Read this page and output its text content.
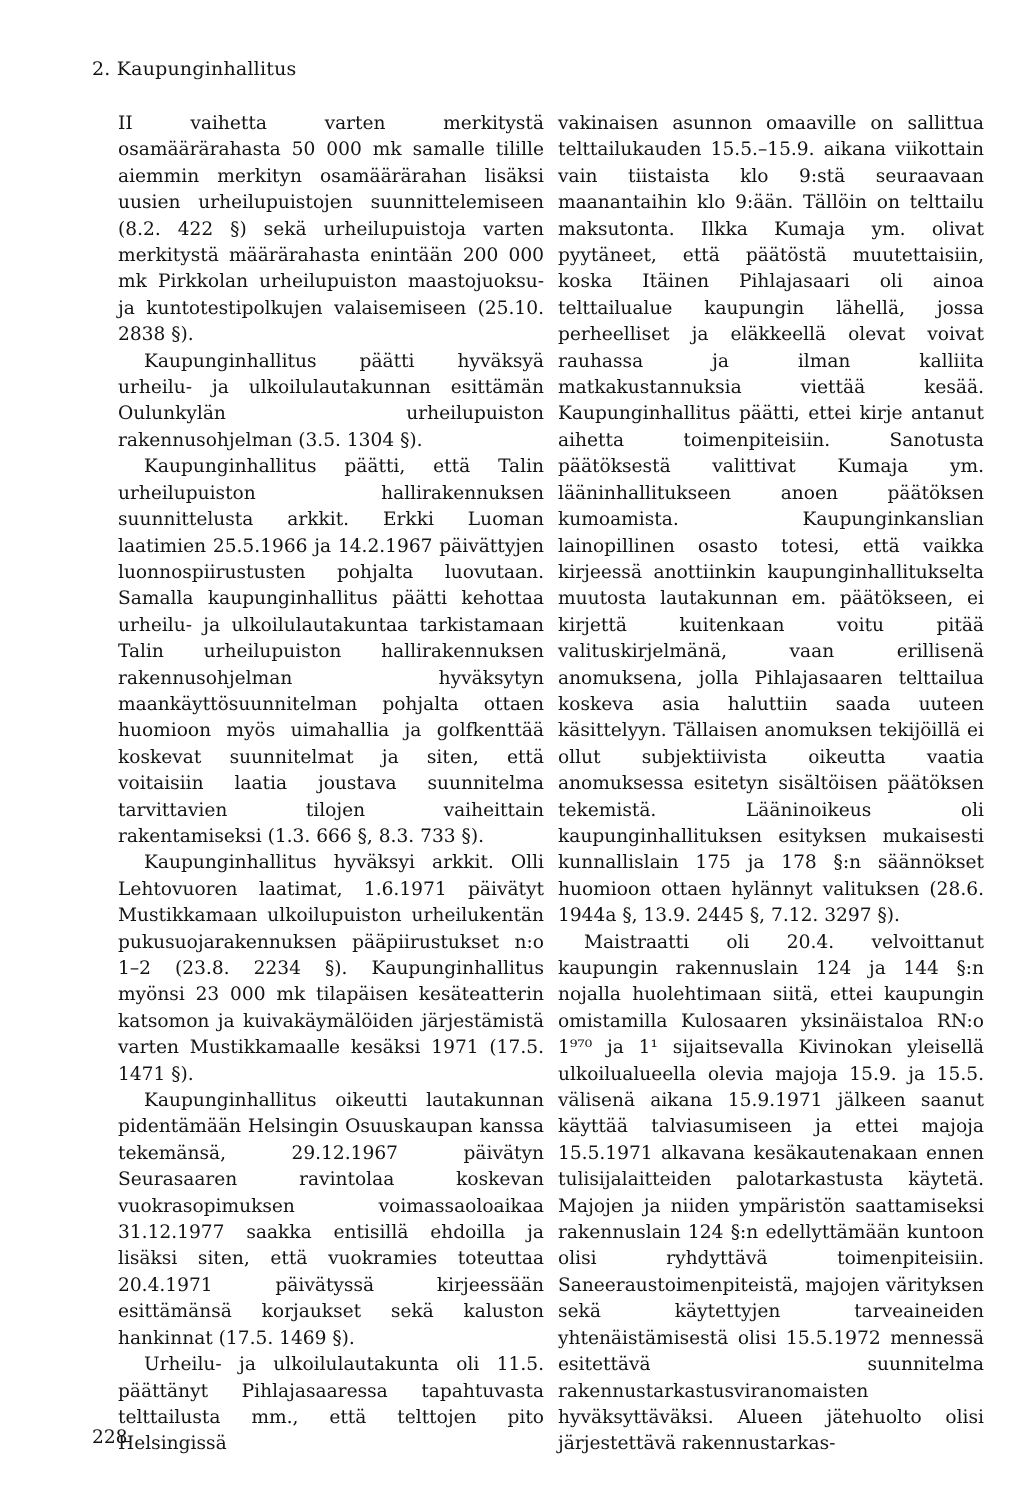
2. Kaupunginhallitus

II vaihetta varten merkitystä osamäärärahasta 50 000 mk samalle tilille aiemmin merkityn osamäärärahan lisäksi uusien urheilupuistojen suunnittelemiseen (8.2. 422 §) sekä urheilupuistoja varten merkitystä määrärahasta enintään 200 000 mk Pirkkolan urheilupuiston maastojuoksu- ja kuntotestipolkujen valaisemiseen (25.10. 2838 §).

Kaupunginhallitus päätti hyväksyä urheilu- ja ulkoilulautakunnan esittämän Oulunkylän urheilupuiston rakennusohjelman (3.5. 1304 §).

Kaupunginhallitus päätti, että Talin urheilupuiston hallirakennuksen suunnittelusta arkkit. Erkki Luoman laatimien 25.5.1966 ja 14.2.1967 päivättyjen luonnospiirustusten pohjalta luovutaan. Samalla kaupunginhallitus päätti kehottaa urheilu- ja ulkoilulautakuntaa tarkistamaan Talin urheilupuiston hallirakennuksen rakennusohjelman hyväksytyn maankäyttösuunnitelman pohjalta ottaen huomioon myös uimahallia ja golfkenttää koskevat suunnitelmat ja siten, että voitaisiin laatia joustava suunnitelma tarvittavien tilojen vaiheittain rakentamiseksi (1.3. 666 §, 8.3. 733 §).

Kaupunginhallitus hyväksyi arkkit. Olli Lehtovuoren laatimat, 1.6.1971 päivätyt Mustikkamaan ulkoilupuiston urheilukentän pukusuojarakennuksen pääpiirustukset n:o 1–2 (23.8. 2234 §). Kaupunginhallitus myönsi 23 000 mk tilapäisen kesäteatterin katsomon ja kuivakäymälöiden järjestämistä varten Mustikkamaalle kesäksi 1971 (17.5. 1471 §).

Kaupunginhallitus oikeutti lautakunnan pidentämään Helsingin Osuuskaupan kanssa tekemänsä, 29.12.1967 päivätyn Seurasaaren ravintolaa koskevan vuokrasopimuksen voimassaoloaikaa 31.12.1977 saakka entisillä ehdoilla ja lisäksi siten, että vuokramies toteuttaa 20.4.1971 päivätyssä kirjeessään esittämänsä korjaukset sekä kaluston hankinnat (17.5. 1469 §).

Urheilu- ja ulkoilulautakunta oli 11.5. päättänyt Pihlajasaaressa tapahtuvasta telttailusta mm., että telttojen pito Helsingissä

vakinaisen asunnon omaaville on sallittua telttailukauden 15.5.–15.9. aikana viikottain vain tiistaista klo 9:stä seuraavaan maanantaihin klo 9:ään. Tällöin on telttailu maksutonta. Ilkka Kumaja ym. olivat pyytäneet, että päätöstä muutettaisiin, koska Itäinen Pihlajasaari oli ainoa telttailualue kaupungin lähellä, jossa perheelliset ja eläkkeellä olevat voivat rauhassa ja ilman kalliita matkakustannuksia viettää kesää. Kaupunginhallitus päätti, ettei kirje antanut aihetta toimenpiteisiin. Sanotusta päätöksestä valittivat Kumaja ym. lääninhallitukseen anoen päätöksen kumoamista. Kaupunginkanslian lainopillinen osasto totesi, että vaikka kirjeessä anottiinkin kaupunginhallitukselta muutosta lautakunnan em. päätökseen, ei kirjettä kuitenkaan voitu pitää valituskirjelmänä, vaan erillisenä anomuksena, jolla Pihlajasaaren telttailua koskeva asia haluttiin saada uuteen käsittelyyn. Tällaisen anomuksen tekijöillä ei ollut subjektiivista oikeutta vaatia anomuksessa esitetyn sisältöisen päätöksen tekemistä. Lääninoikeus oli kaupunginhallituksen esityksen mukaisesti kunnallislain 175 ja 178 §:n säännökset huomioon ottaen hylännyt valituksen (28.6. 1944a §, 13.9. 2445 §, 7.12. 3297 §).

Maistraatti oli 20.4. velvoittanut kaupungin rakennuslain 124 ja 144 §:n nojalla huolehtimaan siitä, ettei kaupungin omistamilla Kulosaaren yksinäistaloa RN:o 1⁹⁷⁰ ja 1¹ sijaitsevalla Kivinokan yleisellä ulkoilualueella olevia majoja 15.9. ja 15.5. välisenä aikana 15.9.1971 jälkeen saanut käyttää talviasumiseen ja ettei majoja 15.5.1971 alkavana kesäkautenakaan ennen tulisijalaitteiden palotarkastusta käytetä. Majojen ja niiden ympäristön saattamiseksi rakennuslain 124 §:n edellyttämään kuntoon olisi ryhdyttävä toimenpiteisiin. Saneeraustoimenpiteistä, majojen värityksen sekä käytettyjen tarveaineiden yhtenäistämisestä olisi 15.5.1972 mennessä esitettävä suunnitelma rakennustarkastusviranomaisten hyväksyttäväksi. Alueen jätehuolto olisi järjestettävä rakennustarkas-

228
